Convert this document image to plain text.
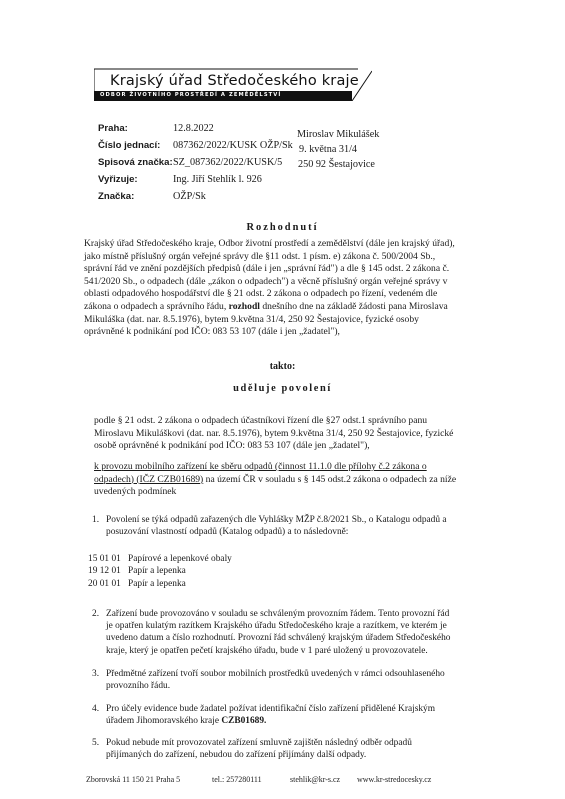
Krajský úřad Středočeského kraje
ODBOR ŽIVOTNÍHO PROSTŘEDÍ A ZEMĚDĚLSTVÍ
Praha:
Číslo jednací:
Spisová značka:
Vyřizuje:
Značka:
12.8.2022
087362/2022/KUSK OŽP/Sk
SZ_087362/2022/KUSK/5
Ing. Jiří Stehlík l. 926
OŽP/Sk
Miroslav Mikulášek
9. května 31/4
250 92 Šestajovice
Rozhodnutí
Krajský úřad Středočeského kraje, Odbor životní prostředí a zemědělství (dále jen krajský úřad),
jako místně příslušný orgán veřejné správy dle §11 odst. 1 písm. e) zákona č. 500/2004 Sb.,
správní řád ve znění pozdějších předpisů (dále i jen „správní řád") a dle § 145 odst. 2 zákona č.
541/2020 Sb., o odpadech (dále „zákon o odpadech") a věcně příslušný orgán veřejné správy v
oblasti odpadového hospodářství dle § 21 odst. 2 zákona o odpadech po řízení, vedeném dle
zákona o odpadech a správního řádu, rozhodl dnešního dne na základě žádosti pana Miroslava
Mikuláška (dat. nar. 8.5.1976), bytem 9.května 31/4, 250 92 Šestajovice, fyzické osoby
oprávněné k podnikání pod IČO: 083 53 107 (dále i jen „žadatel"),
takto:
uděluje povolení
podle § 21 odst. 2 zákona o odpadech účastníkovi řízení dle §27 odst.1 správního panu
Miroslavu Mikuláškovi (dat. nar. 8.5.1976), bytem 9.května 31/4, 250 92 Šestajovice, fyzické
osobě oprávněné k podnikání pod IČO: 083 53 107 (dále jen „žadatel"),
k provozu mobilního zařízení ke sběru odpadů (činnost 11.1.0 dle přílohy č.2 zákona o
odpadech) (IČZ CZB01689) na území ČR v souladu s § 145 odst.2 zákona o odpadech za níže
uvedených podmínek
1. Povolení se týká odpadů zařazených dle Vyhlášky MŽP č.8/2021 Sb., o Katalogu odpadů a
posuzování vlastností odpadů (Katalog odpadů) a to následovně:
15 01 01 Papírové a lepenkové obaly
19 12 01 Papír a lepenka
20 01 01 Papír a lepenka
2. Zařízení bude provozováno v souladu se schváleným provozním řádem. Tento provozní řád
je opatřen kulatým razítkem Krajského úřadu Středočeského kraje a razítkem, ve kterém je
uvedeno datum a číslo rozhodnutí. Provozní řád schválený krajským úřadem Středočeského
kraje, který je opatřen pečetí krajského úřadu, bude v 1 paré uložený u provozovatele.
3. Předmětné zařízení tvoří soubor mobilních prostředků uvedených v rámci odsouhlaseného
provozního řádu.
4. Pro účely evidence bude žadatel požívat identifikační číslo zařízení přidělené Krajským
úřadem Jihomoravského kraje CZB01689.
5. Pokud nebude mít provozovatel zařízení smluvně zajištěn následný odběr odpadů
přijímaných do zařízení, nebudou do zařízení přijímány další odpady.
Zborovská 11 150 21 Praha 5	tel.: 257280111	stehlik@kr-s.cz www.kr-stredocesky.cz
